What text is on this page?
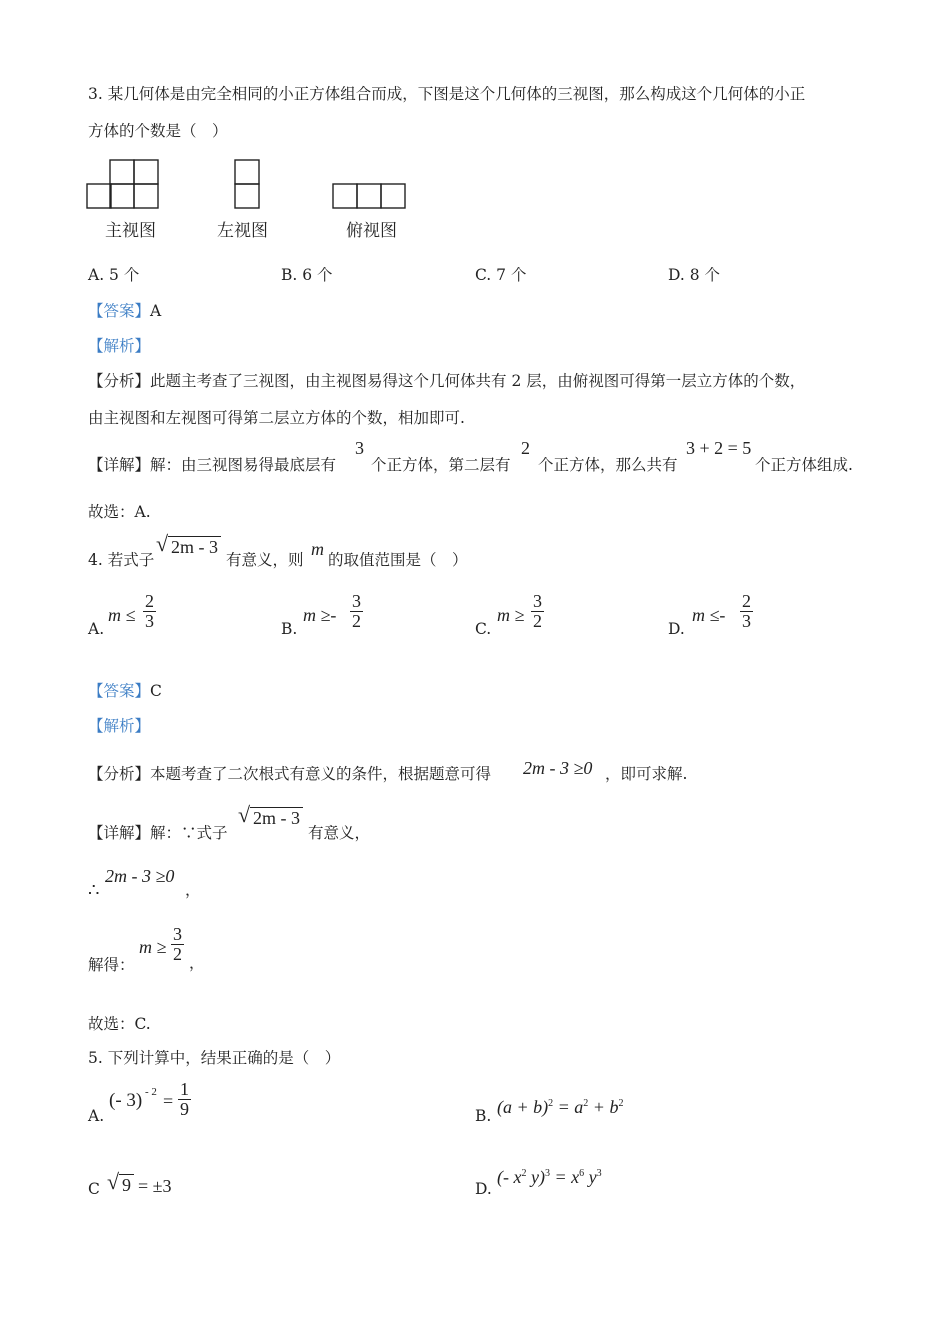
3. 某几何体是由完全相同的小正方体组合而成，下图是这个几何体的三视图，那么构成这个几何体的小正
方体的个数是（　）
主视图	左视图	俯视图
A. 5 个	B. 6 个	C. 7 个	D. 8 个
【答案】A
【解析】
【分析】此题主考查了三视图，由主视图易得这个几何体共有 2 层，由俯视图可得第一层立方体的个数，
由主视图和左视图可得第二层立方体的个数，相加即可.
【详解】解：由三视图易得最底层有
3
个正方体，第二层有
2
个正方体，那么共有
3 + 2 = 5
个正方体组成.
故选：A.
4. 若式子
√ 2m - 3
有意义，则
m
的取值范围是（　）
A.
$m \le \frac{2}{3}$	B.
$m \ge- \frac{3}{2}$	C.
$m \ge \frac{3}{2}$	D.
$m \le- \frac{2}{3}$
【答案】C
【解析】
【分析】本题考查了二次根式有意义的条件，根据题意可得 2m - 3 ≥0 ，即可求解.
【详解】解：∵式子
√ 2m - 3
有意义，
∴
2m - 3 ≥0
，
解得：
$m \ge \frac{3}{2}$ ，
故选：C.
5. 下列计算中，结果正确的是（　）
A.
(- $3) - 2 = \frac{1}{9}$	B. $(a + b)^2 = a^2 + b^2$
C √ 9 = ±3	D.
(- $x^2$ $y)^3 = x^6$ $y^3$
